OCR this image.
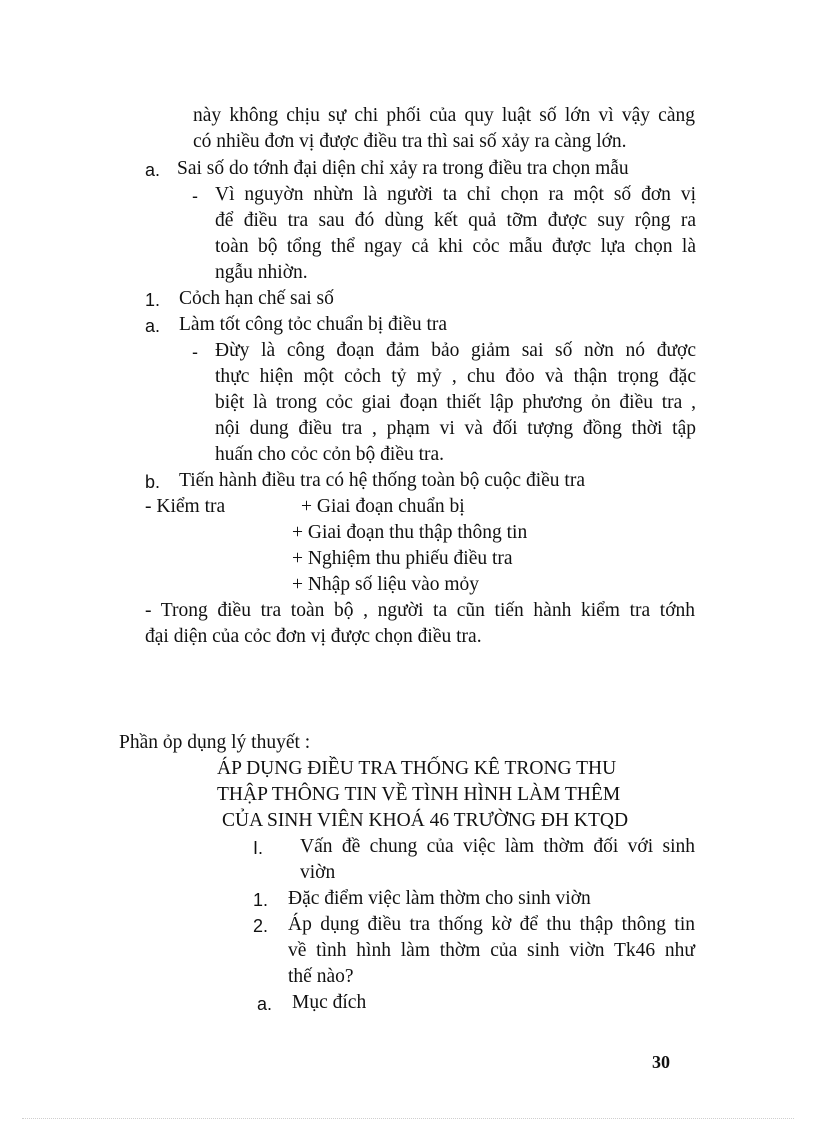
này không chịu sự chi phối của quy luật số lớn vì vậy càng
có nhiều đơn vị được điều tra thì sai số xảy ra càng lớn.
a. Sai số do tớnh đại diện chỉ xảy ra trong điều tra chọn mẫu
- Vì nguyờn nhừn là người ta chỉ chọn ra một số đơn vị
để điều tra sau đó dùng kết quả tỡm được suy rộng ra
toàn bộ tổng thể ngay cả khi cỏc mẫu được lựa chọn là
ngẫu nhiờn.
1. Cỏch hạn chế sai số
a. Làm tốt công tỏc chuẩn bị điều tra
- Đừy là công đoạn đảm bảo giảm sai số nờn nó được
thực hiện một cỏch tỷ mỷ , chu đỏo và thận trọng đặc
biệt là trong cỏc giai đoạn thiết lập phương ỏn điều tra ,
nội dung điều tra , phạm vi và đối tượng đồng thời tập
huấn cho cỏc cỏn bộ điều tra.
b. Tiến hành điều tra có hệ thống toàn bộ cuộc điều tra
- Kiểm tra	+ Giai đoạn chuẩn bị
+ Giai đoạn thu thập thông tin
+ Nghiệm thu phiếu điều tra
+ Nhập số liệu vào mỏy
- Trong điều tra toàn bộ , người ta cũn tiến hành kiểm tra tớnh
đại diện của cỏc đơn vị được chọn điều tra.
Phần ỏp dụng lý thuyết :
ÁP DỤNG ĐIỀU TRA THỐNG KÊ TRONG THU
THẬP THÔNG TIN VỀ TÌNH HÌNH LÀM THÊM
CỦA SINH VIÊN KHOÁ 46 TRƯỜNG ĐH KTQD
I. Vấn đề chung của việc làm thờm đối với sinh
viờn
1. Đặc điểm việc làm thờm cho sinh viờn
2. Áp dụng điều tra thống kờ để thu thập thông tin
về tình hình làm thờm của sinh viờn Tk46 như
thế nào?
a. Mục đích
30
